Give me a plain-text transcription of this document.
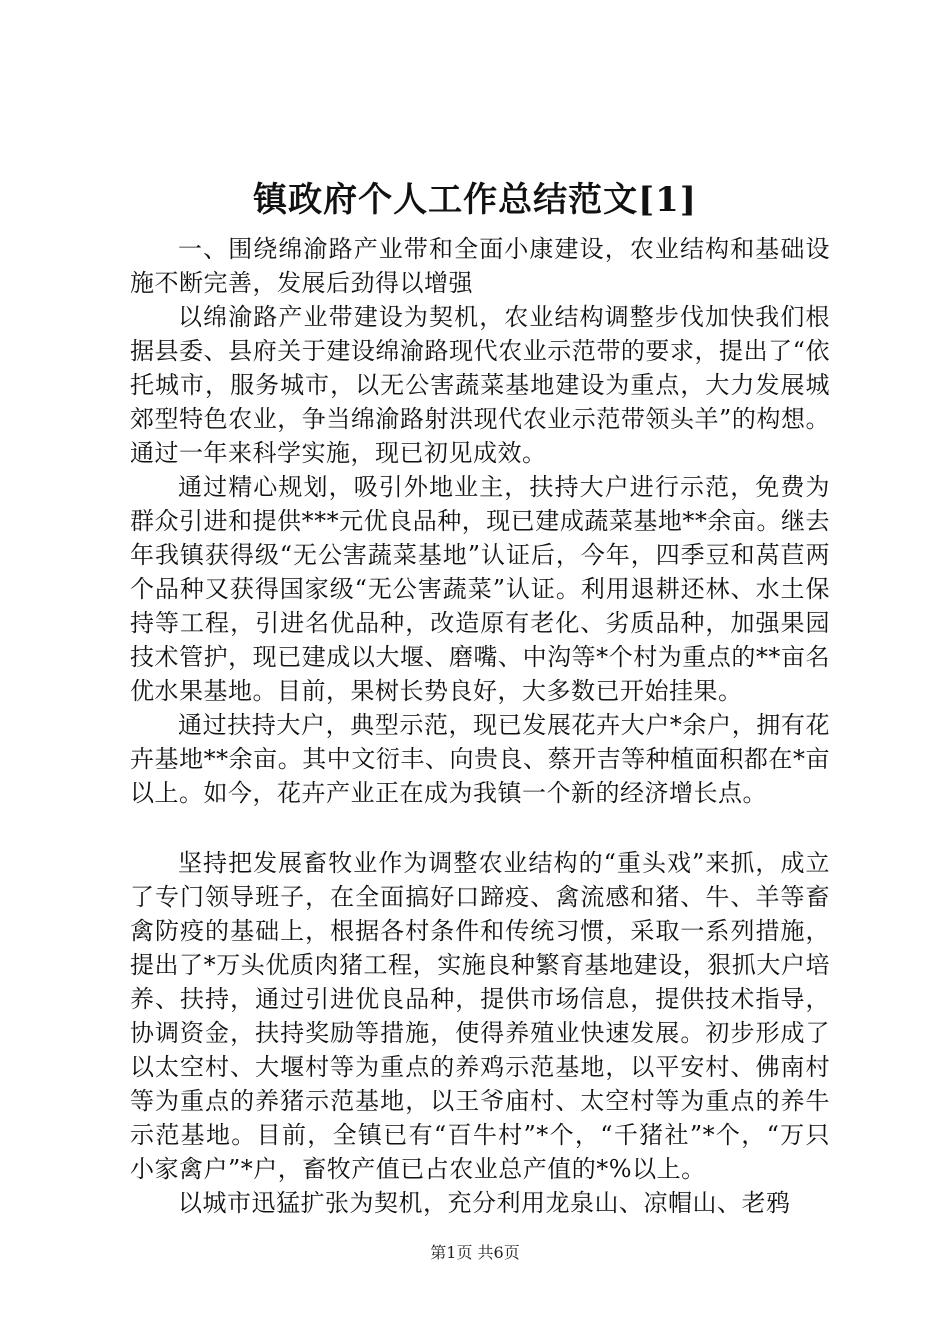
镇政府个人工作总结范文[1]

一、围绕绵渝路产业带和全面小康建设，农业结构和基础设施不断完善，发展后劲得以增强

以绵渝路产业带建设为契机，农业结构调整步伐加快我们根据县委、县府关于建设绵渝路现代农业示范带的要求，提出了“依托城市，服务城市，以无公害蔬菜基地建设为重点，大力发展城郊型特色农业，争当绵渝路射洪现代农业示范带领头羊”的构想。通过一年来科学实施，现已初见成效。

通过精心规划，吸引外地业主，扶持大户进行示范，免费为群众引进和提供***元优良品种，现已建成蔬菜基地**余亩。继去年我镇获得级“无公害蔬菜基地”认证后，今年，四季豆和莴苣两个品种又获得国家级“无公害蔬菜”认证。利用退耕还林、水土保持等工程，引进名优品种，改造原有老化、劣质品种，加强果园技术管护，现已建成以大堰、磨嘴、中沟等*个村为重点的**亩名优水果基地。目前，果树长势良好，大多数已开始挂果。

通过扶持大户，典型示范，现已发展花卉大户*余户，拥有花卉基地**余亩。其中文衍丰、向贵良、蔡开吉等种植面积都在*亩以上。如今，花卉产业正在成为我镇一个新的经济增长点。

坚持把发展畜牧业作为调整农业结构的“重头戏”来抓，成立了专门领导班子，在全面搞好口蹄疫、禽流感和猪、牛、羊等畜禽防疫的基础上，根据各村条件和传统习惯，采取一系列措施，提出了*万头优质肉猪工程，实施良种繁育基地建设，狠抓大户培养、扶持，通过引进优良品种，提供市场信息，提供技术指导，协调资金，扶持奖励等措施，使得养殖业快速发展。初步形成了以太空村、大堰村等为重点的养鸡示范基地，以平安村、佛南村等为重点的养猪示范基地，以王爷庙村、太空村等为重点的养牛示范基地。目前，全镇已有“百牛村”*个，“千猪社”*个，“万只小家禽户”*户，畜牧产值已占农业总产值的*%以上。

以城市迅猛扩张为契机，充分利用龙泉山、凉帽山、老鸦

第1页 共6页
